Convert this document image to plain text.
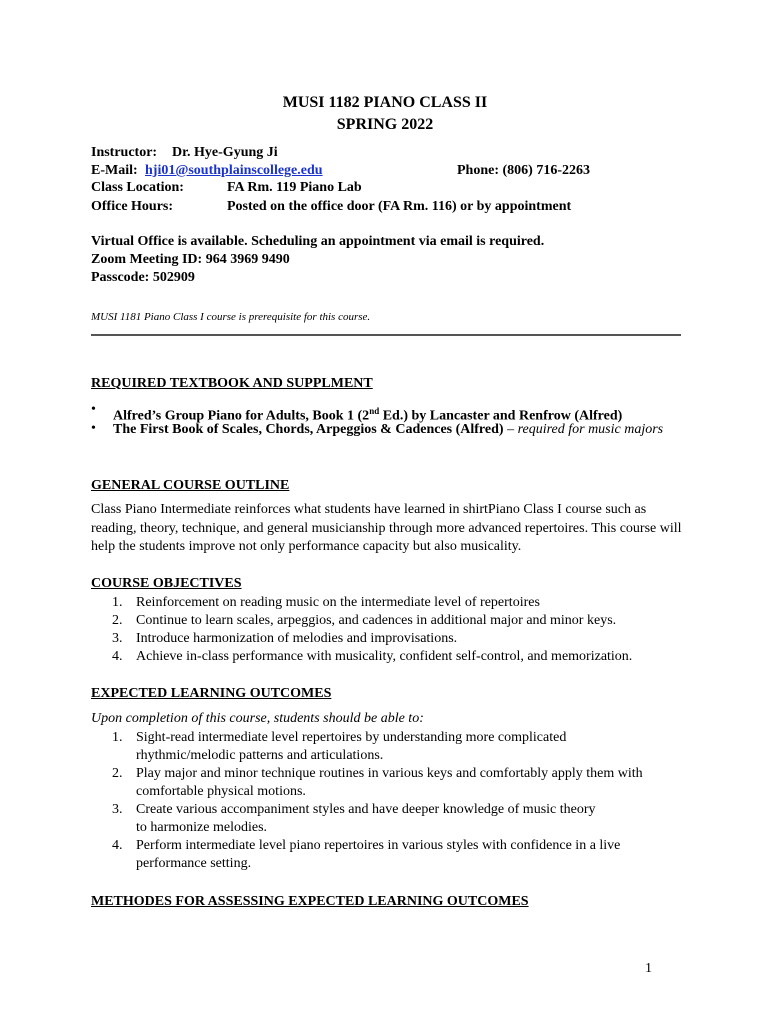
MUSI 1182 PIANO CLASS II
SPRING 2022
Instructor: Dr. Hye-Gyung Ji
E-Mail: hji01@southplainscollege.edu	Phone: (806) 716-2263
Class Location:	FA Rm. 119 Piano Lab
Office Hours:	Posted on the office door (FA Rm. 116) or by appointment
Virtual Office is available. Scheduling an appointment via email is required.
Zoom Meeting ID: 964 3969 9490
Passcode: 502909
MUSI 1181 Piano Class I course is prerequisite for this course.
REQUIRED TEXTBOOK AND SUPPLMENT
• Alfred’s Group Piano for Adults, Book 1 (2nd Ed.) by Lancaster and Renfrow (Alfred)
• The First Book of Scales, Chords, Arpeggios & Cadences (Alfred) – required for music majors
GENERAL COURSE OUTLINE
Class Piano Intermediate reinforces what students have learned in shirtPiano Class I course such as reading, theory, technique, and general musicianship through more advanced repertoires. This course will help the students improve not only performance capacity but also musicality.
COURSE OBJECTIVES
1. Reinforcement on reading music on the intermediate level of repertoires
2. Continue to learn scales, arpeggios, and cadences in additional major and minor keys.
3. Introduce harmonization of melodies and improvisations.
4. Achieve in-class performance with musicality, confident self-control, and memorization.
EXPECTED LEARNING OUTCOMES
Upon completion of this course, students should be able to:
1. Sight-read intermediate level repertoires by understanding more complicated rhythmic/melodic patterns and articulations.
2. Play major and minor technique routines in various keys and comfortably apply them with comfortable physical motions.
3. Create various accompaniment styles and have deeper knowledge of music theory to harmonize melodies.
4. Perform intermediate level piano repertoires in various styles with confidence in a live performance setting.
METHODES FOR ASSESSING EXPECTED LEARNING OUTCOMES
1
